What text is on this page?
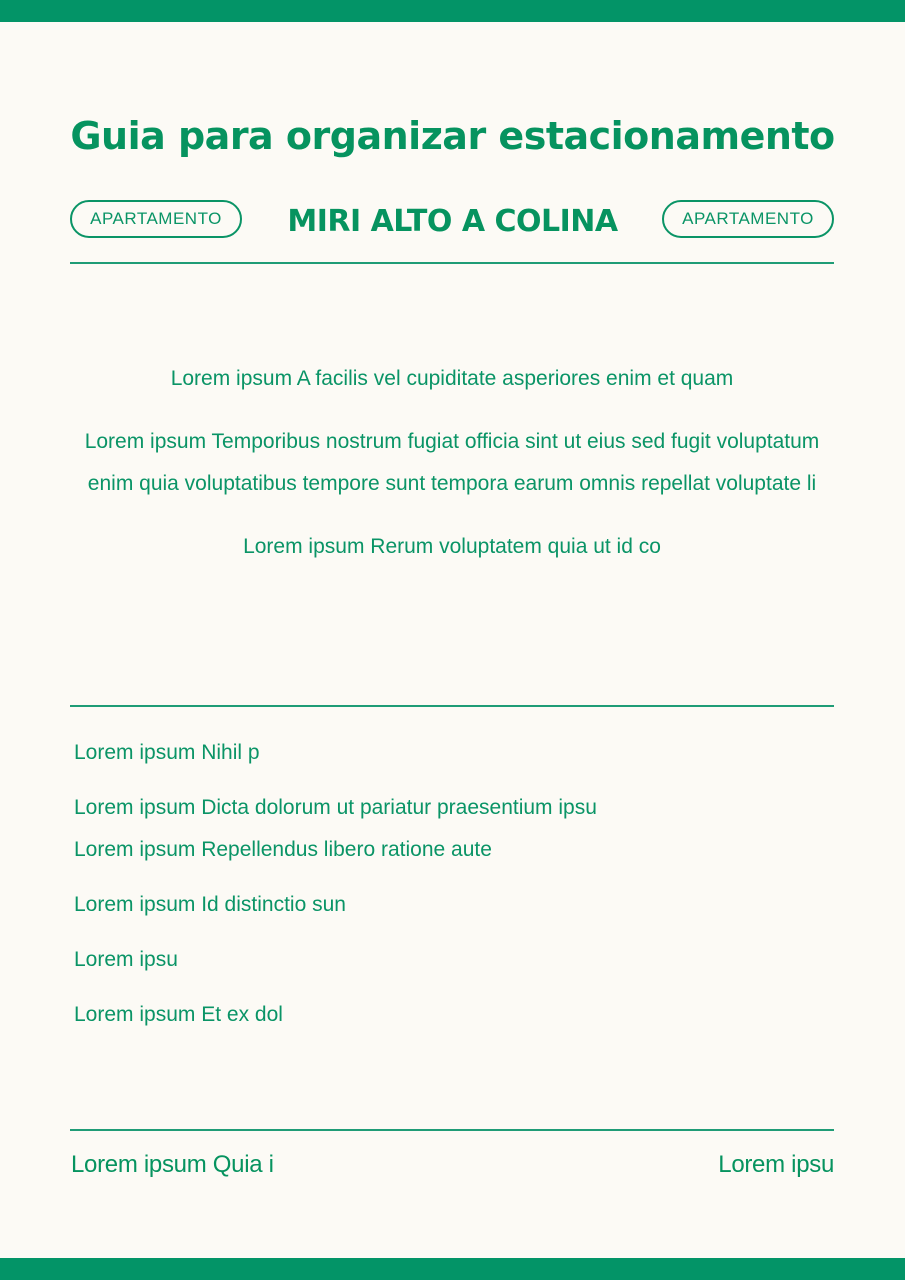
Guia para organizar estacionamento
APARTAMENTO	MIRI ALTO A COLINA	APARTAMENTO

Lorem ipsum A facilis vel cupiditate asperiores enim et quam

Lorem ipsum Temporibus nostrum fugiat officia sint ut eius sed fugit voluptatum enim quia voluptatibus tempore sunt tempora earum omnis repellat voluptate li

Lorem ipsum Rerum voluptatem quia ut id co

Lorem ipsum Nihil p
Lorem ipsum Dicta dolorum ut pariatur praesentium ipsu
Lorem ipsum Repellendus libero ratione aute
Lorem ipsum Id distinctio sun
Lorem ipsu
Lorem ipsum Et ex dol
Lorem ipsum Quia i	Lorem ipsu
